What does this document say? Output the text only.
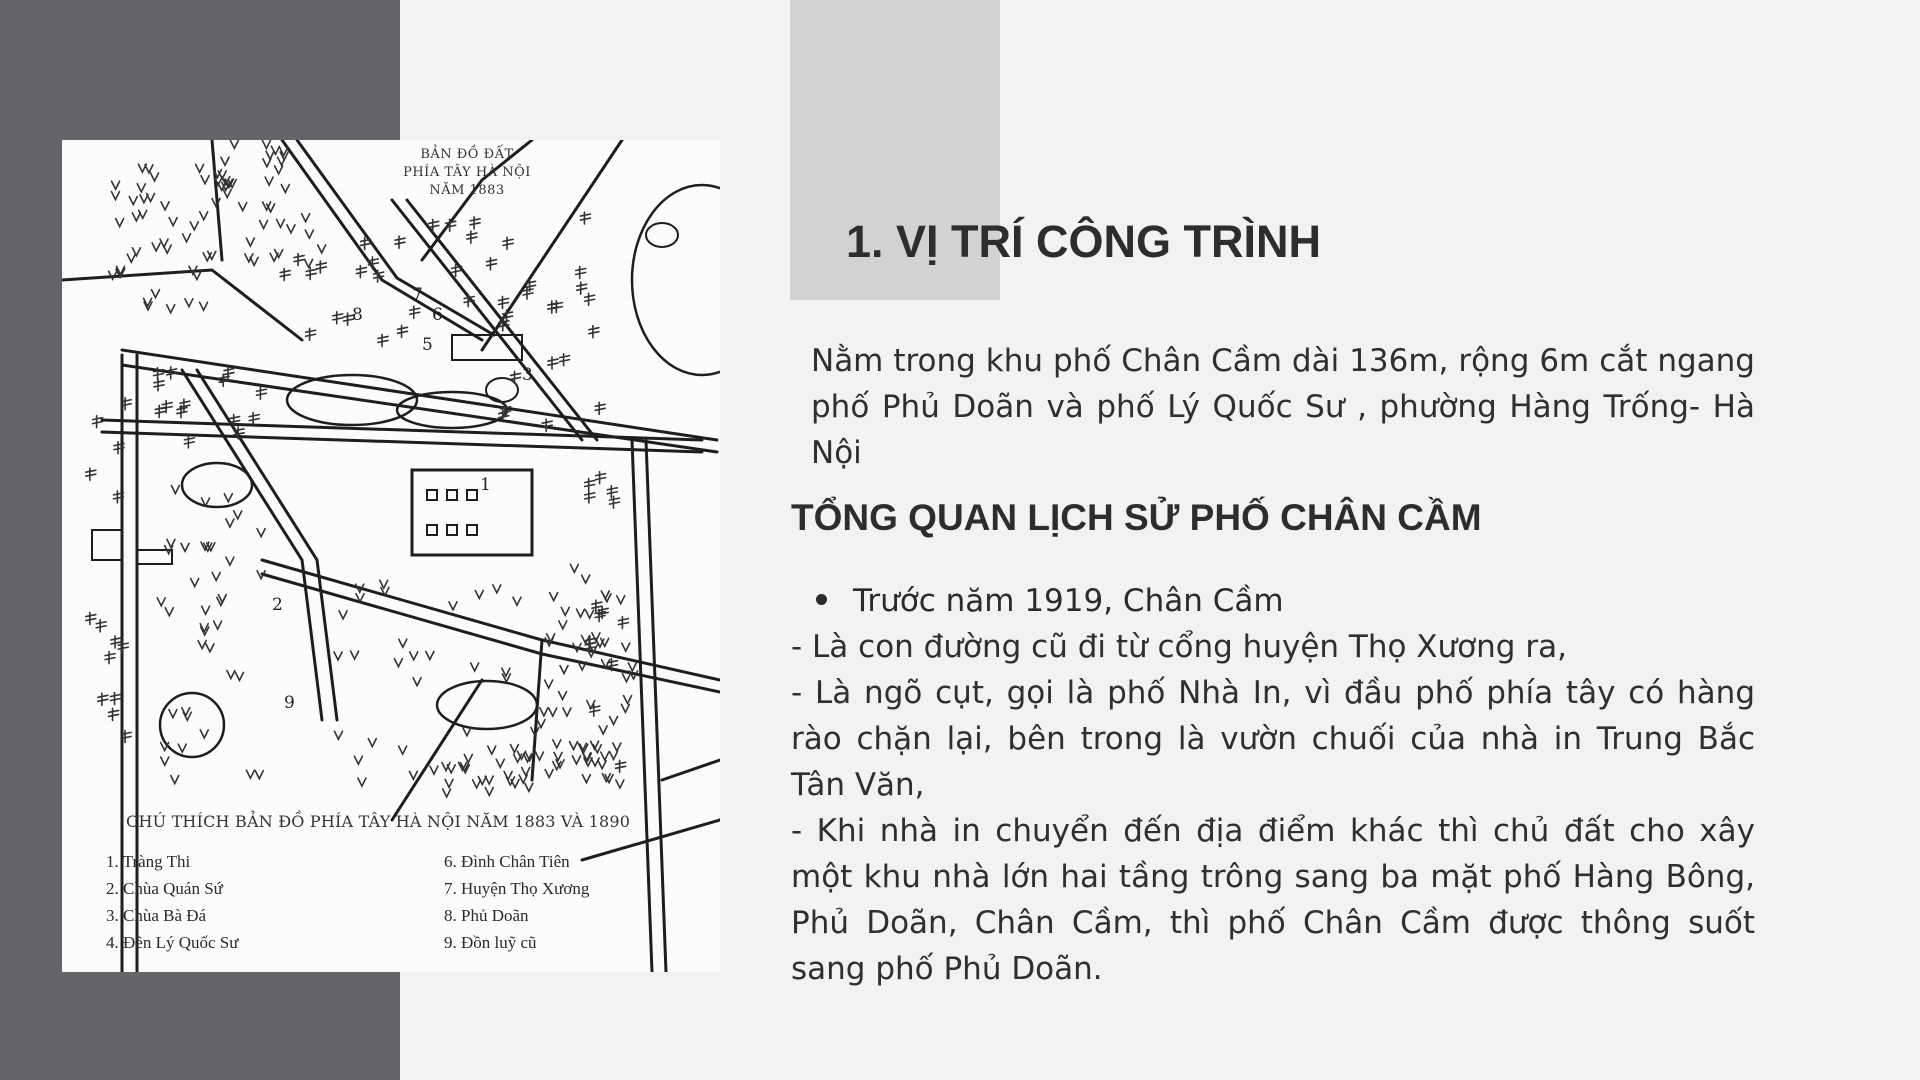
1
2
3
5
6
7
8
9
BẢN ĐỒ ĐẤT
PHÍA TÂY HÀ NỘI
NĂM 1883
CHÚ THÍCH BẢN ĐỒ PHÍA TÂY HÀ NỘI NĂM 1883 VÀ 1890
1. Tràng Thi
2. Chùa Quán Sứ
3. Chùa Bà Đá
4. Đền Lý Quốc Sư
6. Đình Chân Tiên
7. Huyện Thọ Xương
8. Phủ Doãn
9. Đồn luỹ cũ
1. VỊ TRÍ CÔNG TRÌNH

Nằm trong khu phố Chân Cầm dài 136m, rộng 6m cắt ngang phố Phủ Doãn và phố Lý Quốc Sư , phường Hàng Trống- Hà Nội

TỔNG QUAN LỊCH SỬ PHỐ CHÂN CẦM
Trước năm 1919, Chân Cầm
- Là con đường cũ đi từ cổng huyện Thọ Xương ra,
- Là ngõ cụt, gọi là phố Nhà In, vì đầu phố phía tây có hàng rào chặn lại, bên trong là vườn chuối của nhà in Trung Bắc Tân Văn,
- Khi nhà in chuyển đến địa điểm khác thì chủ đất cho xây một khu nhà lớn hai tầng trông sang ba mặt phố Hàng Bông, Phủ Doãn, Chân Cầm, thì phố Chân Cầm được thông suốt sang phố Phủ Doãn.
